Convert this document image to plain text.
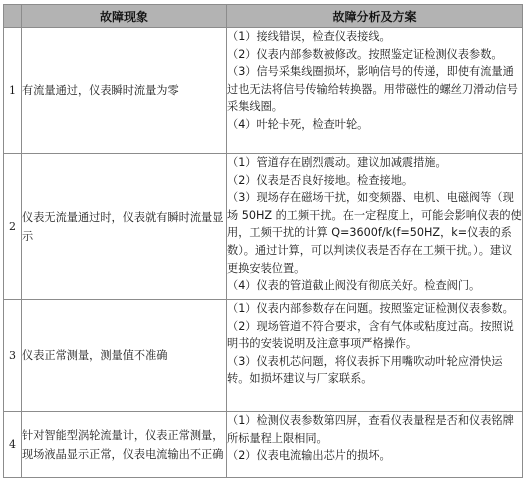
	故障现象	故障分析及方案
1	有流量通过，仪表瞬时流量为零	（1）接线错误，检查仪表接线。

（2）仪表内部参数被修改。按照鉴定证检测仪表参数。

（3）信号采集线圈损坏，影响信号的传递，即使有流量通过也无法将信号传输给转换器。用带磁性的螺丝刀滑动信号采集线圈。

（4）叶轮卡死，检查叶轮。

2	仪表无流量通过时，仪表就有瞬时流量显示	（1）管道存在剧烈震动。建议加减震措施。

（2）仪表是否良好接地。检查接地。

（3）现场存在磁场干扰，如变频器、电机、电磁阀等（现场 50HZ 的工频干扰。在一定程度上，可能会影响仪表的使用，工频干扰的计算 Q=3600f/k(f=50HZ，k=仪表的系数）。通过计算，可以判读仪表是否存在工频干扰。）。建议更换安装位置。

（4）仪表的管道截止阀没有彻底关好。检查阀门。

3	仪表正常测量，测量值不准确	（1）仪表内部参数存在问题。按照鉴定证检测仪表参数。

（2）现场管道不符合要求，含有气体或粘度过高。按照说明书的安装说明及注意事项严格操作。

（3）仪表机芯问题，将仪表拆下用嘴吹动叶轮应滑快运转。如损坏建议与厂家联系。

4	针对智能型涡轮流量计，仪表正常测量，现场液晶显示正常，仪表电流输出不正确	（1）检测仪表参数第四屏，查看仪表量程是否和仪表铭牌所标量程上限相同。

（2）仪表电流输出芯片的损坏。
